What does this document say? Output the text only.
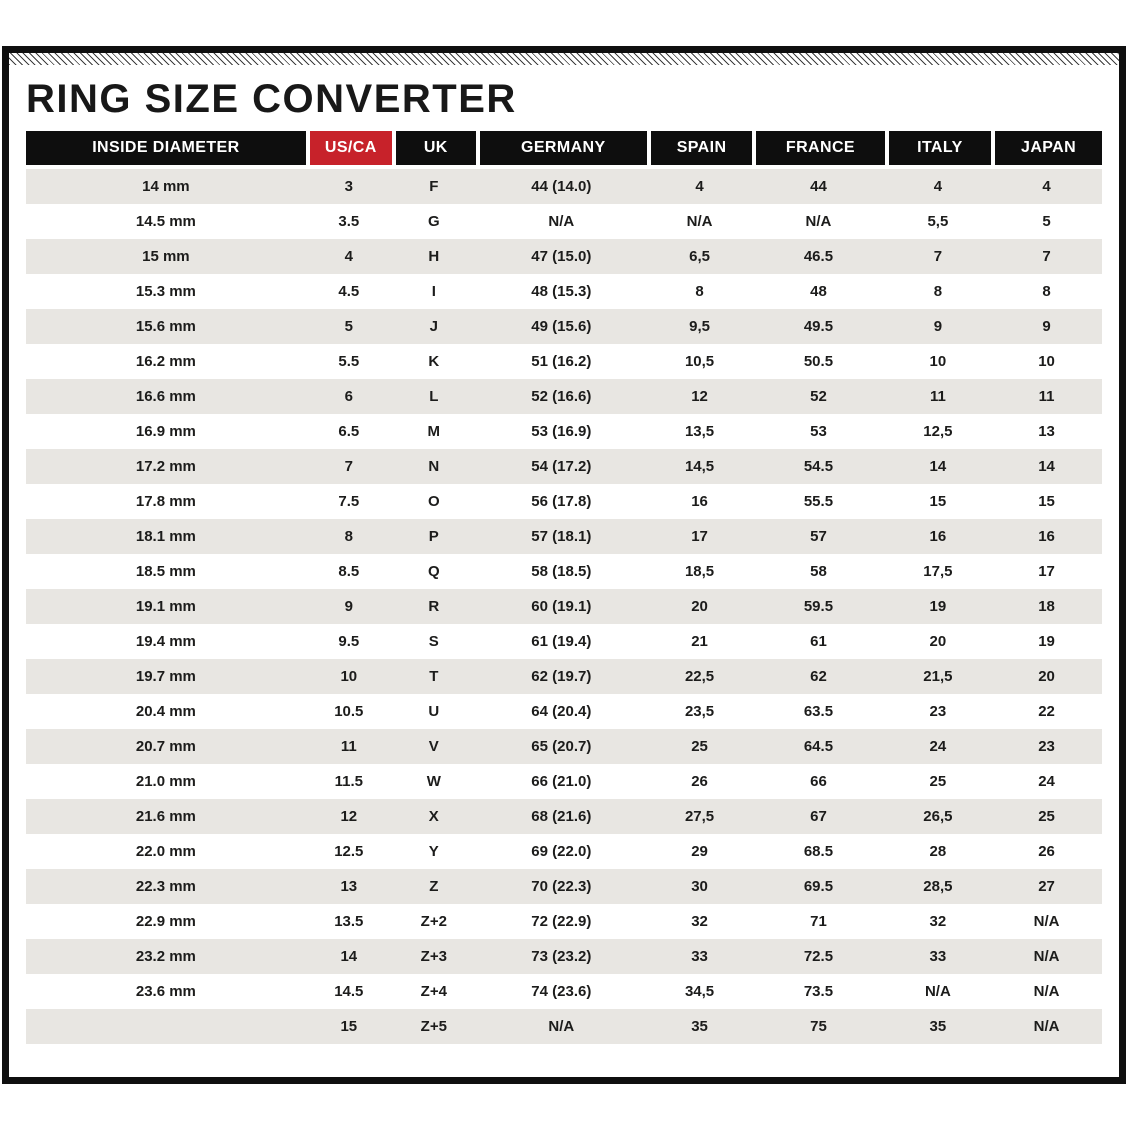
RING SIZE CONVERTER
INSIDE DIAMETER	US/CA	UK	GERMANY	SPAIN	FRANCE	ITALY	JAPAN
14 mm	3	F	44 (14.0)	4	44	4	4
14.5 mm	3.5	G	N/A	N/A	N/A	5,5	5
15 mm	4	H	47 (15.0)	6,5	46.5	7	7
15.3 mm	4.5	I	48 (15.3)	8	48	8	8
15.6 mm	5	J	49 (15.6)	9,5	49.5	9	9
16.2 mm	5.5	K	51 (16.2)	10,5	50.5	10	10
16.6 mm	6	L	52 (16.6)	12	52	11	11
16.9 mm	6.5	M	53 (16.9)	13,5	53	12,5	13
17.2 mm	7	N	54 (17.2)	14,5	54.5	14	14
17.8 mm	7.5	O	56 (17.8)	16	55.5	15	15
18.1 mm	8	P	57 (18.1)	17	57	16	16
18.5 mm	8.5	Q	58 (18.5)	18,5	58	17,5	17
19.1 mm	9	R	60 (19.1)	20	59.5	19	18
19.4 mm	9.5	S	61 (19.4)	21	61	20	19
19.7 mm	10	T	62 (19.7)	22,5	62	21,5	20
20.4 mm	10.5	U	64 (20.4)	23,5	63.5	23	22
20.7 mm	11	V	65 (20.7)	25	64.5	24	23
21.0 mm	11.5	W	66 (21.0)	26	66	25	24
21.6 mm	12	X	68 (21.6)	27,5	67	26,5	25
22.0 mm	12.5	Y	69 (22.0)	29	68.5	28	26
22.3 mm	13	Z	70 (22.3)	30	69.5	28,5	27
22.9 mm	13.5	Z+2	72 (22.9)	32	71	32	N/A
23.2 mm	14	Z+3	73 (23.2)	33	72.5	33	N/A
23.6 mm	14.5	Z+4	74 (23.6)	34,5	73.5	N/A	N/A
	15	Z+5	N/A	35	75	35	N/A
